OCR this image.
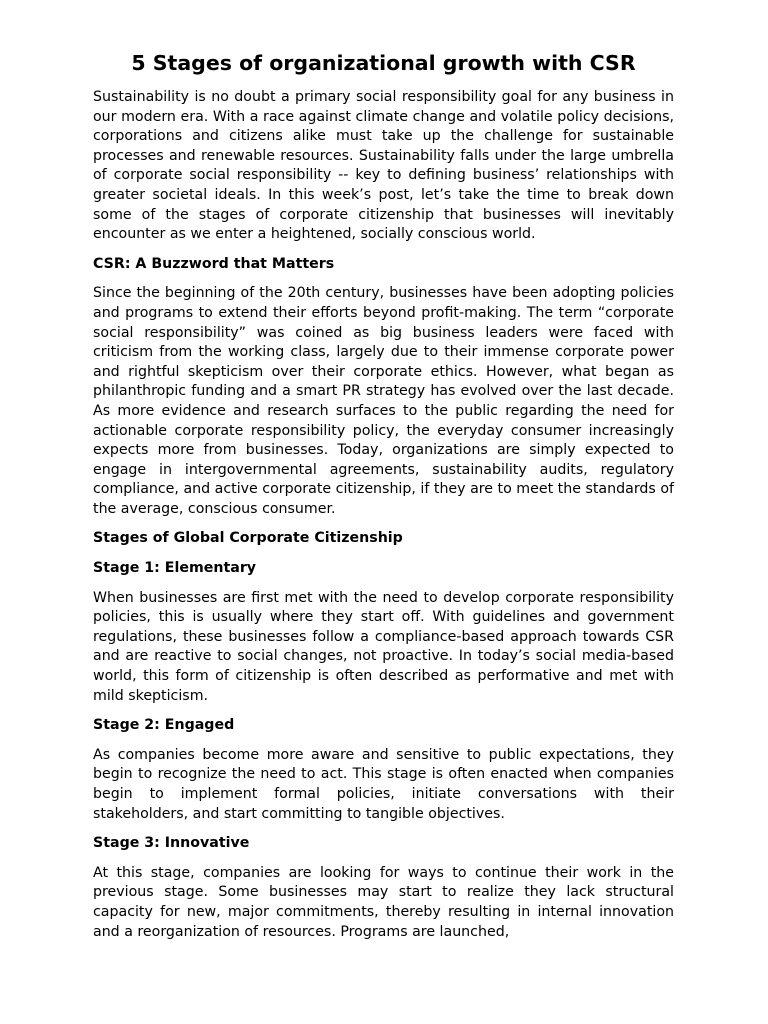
5 Stages of organizational growth with CSR

Sustainability is no doubt a primary social responsibility goal for any business in our modern era. With a race against climate change and volatile policy decisions, corporations and citizens alike must take up the challenge for sustainable processes and renewable resources. Sustainability falls under the large umbrella of corporate social responsibility -- key to defining business’ relationships with greater societal ideals. In this week’s post, let’s take the time to break down some of the stages of corporate citizenship that businesses will inevitably encounter as we enter a heightened, socially conscious world.

CSR: A Buzzword that Matters

Since the beginning of the 20th century, businesses have been adopting policies and programs to extend their efforts beyond profit-making. The term “corporate social responsibility” was coined as big business leaders were faced with criticism from the working class, largely due to their immense corporate power and rightful skepticism over their corporate ethics. However, what began as philanthropic funding and a smart PR strategy has evolved over the last decade. As more evidence and research surfaces to the public regarding the need for actionable corporate responsibility policy, the everyday consumer increasingly expects more from businesses. Today, organizations are simply expected to engage in intergovernmental agreements, sustainability audits, regulatory compliance, and active corporate citizenship, if they are to meet the standards of the average, conscious consumer.

Stages of Global Corporate Citizenship
Stage 1: Elementary

When businesses are first met with the need to develop corporate responsibility policies, this is usually where they start off. With guidelines and government regulations, these businesses follow a compliance-based approach towards CSR and are reactive to social changes, not proactive. In today’s social media-based world, this form of citizenship is often described as performative and met with mild skepticism.

Stage 2: Engaged

As companies become more aware and sensitive to public expectations, they begin to recognize the need to act. This stage is often enacted when companies begin to implement formal policies, initiate conversations with their stakeholders, and start committing to tangible objectives.

Stage 3: Innovative

At this stage, companies are looking for ways to continue their work in the previous stage. Some businesses may start to realize they lack structural capacity for new, major commitments, thereby resulting in internal innovation and a reorganization of resources. Programs are launched,
